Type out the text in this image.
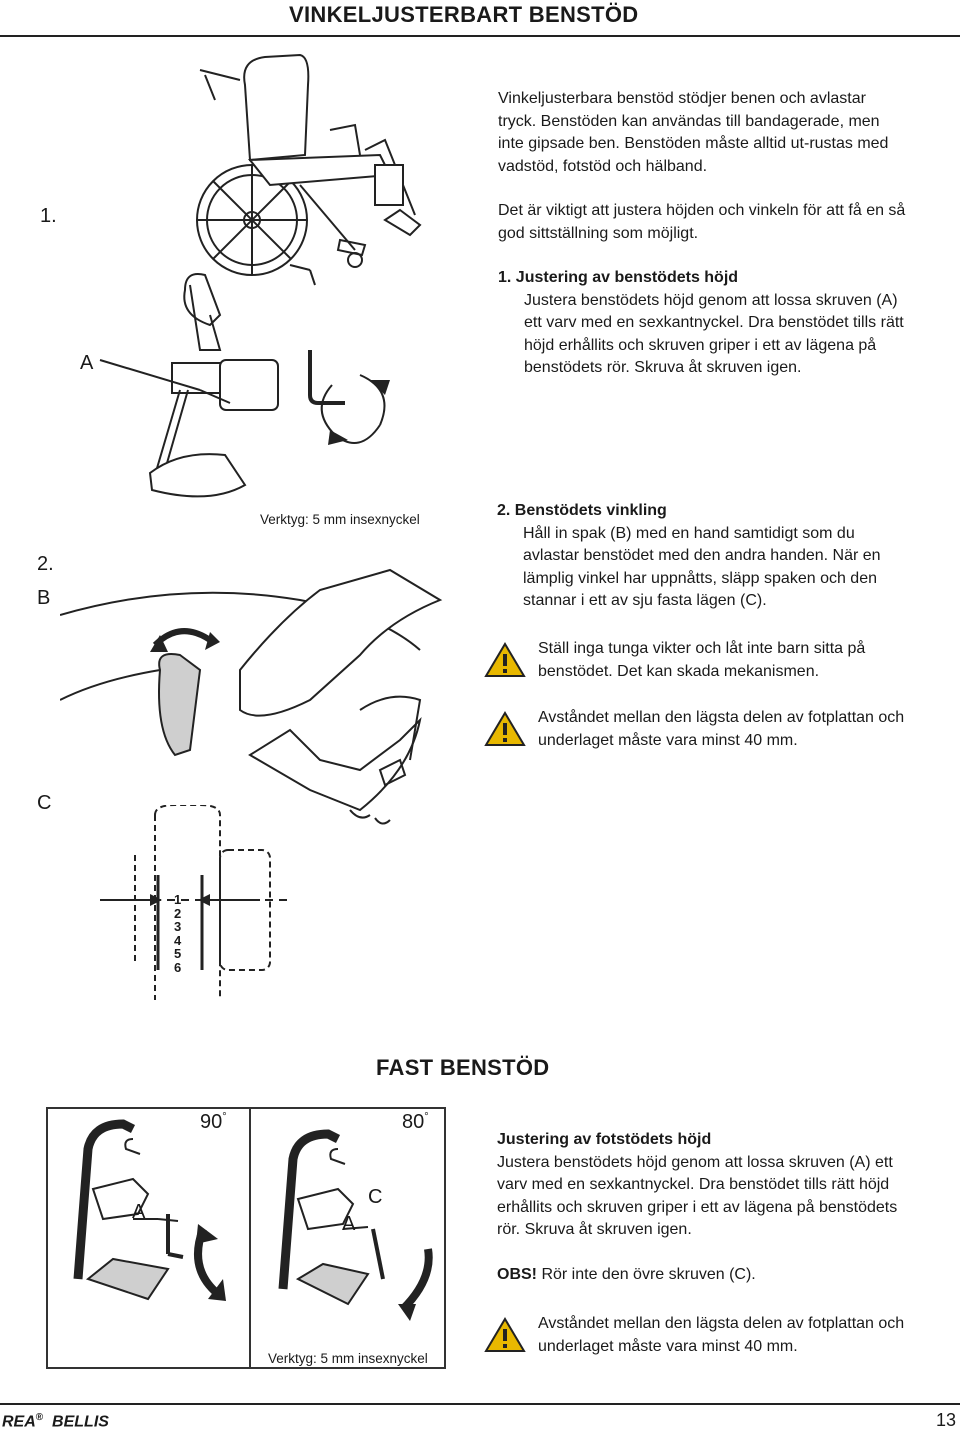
VINKELJUSTERBART BENSTÖD
1.

Vinkeljusterbara benstöd stödjer benen och avlastar tryck. Benstöden kan användas till bandagerade, men inte gipsade ben. Benstöden måste alltid ut-rustas med vadstöd, fotstöd och hälband.

Det är viktigt att justera höjden och vinkeln för att få en så god sittställning som möjligt.

1. Justering av benstödets höjd

Justera benstödets höjd genom att lossa skruven (A) ett varv med en sexkantnyckel. Dra benstödet tills rätt höjd erhållits och skruven griper i ett av lägena på benstödets rör. Skruva åt skruven igen.

A
Verktyg: 5 mm insexnyckel
2.
B
C

2. Benstödets vinkling

Håll in spak (B) med en hand samtidigt som du avlastar benstödet med den andra handen. När en lämplig vinkel har uppnåtts, släpp spaken och den stannar i ett av sju fasta lägen (C).

Ställ inga tunga vikter och låt inte barn sitta på benstödet. Det kan skada mekanismen.

Avståndet mellan den lägsta delen av fotplattan och underlaget måste vara minst 40 mm.

1
2
3
4
5
6
FAST BENSTÖD
90°	80°
A
A
C
Verktyg: 5 mm insexnyckel

Justering av fotstödets höjd

Justera benstödets höjd genom att lossa skruven (A) ett varv med en sexkantnyckel. Dra benstödet tills rätt höjd erhållits och skruven griper i ett av lägena på benstödets rör. Skruva åt skruven igen.

OBS! Rör inte den övre skruven (C).

Avståndet mellan den lägsta delen av fotplattan och underlaget måste vara minst 40 mm.

REA® BELLIS	13
